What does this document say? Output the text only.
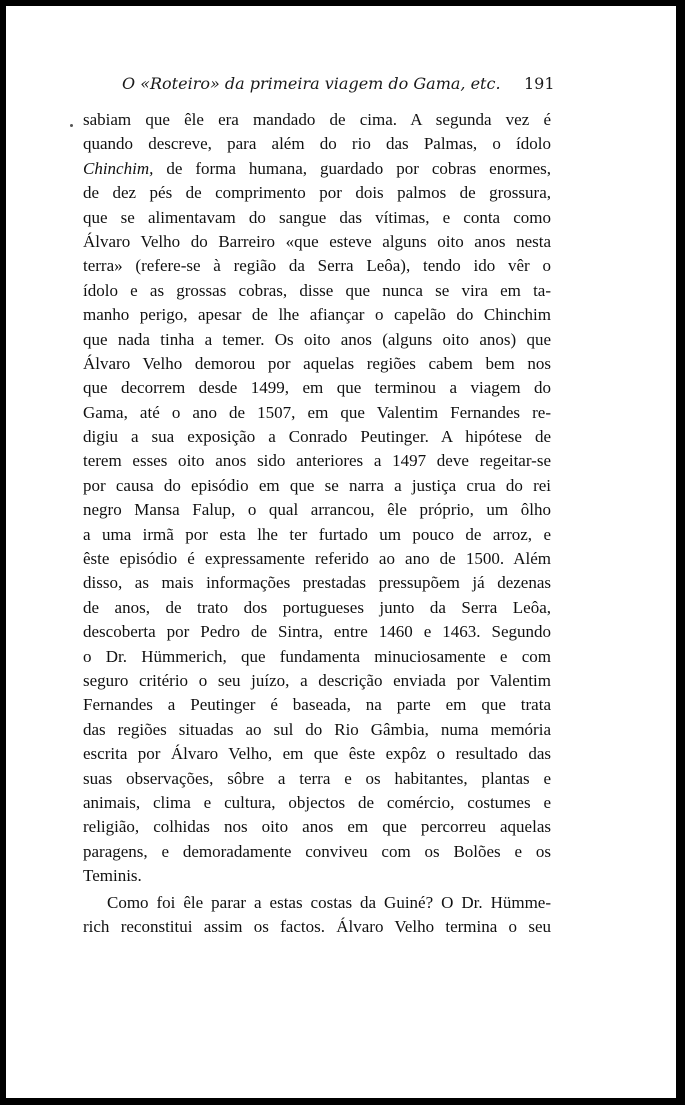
O «Roteiro» da primeira viagem do Gama, etc. 191
sabiam que êle era mandado de cima. A segunda vez é
quando descreve, para além do rio das Palmas, o ídolo
Chinchim, de forma humana, guardado por cobras enormes,
de dez pés de comprimento por dois palmos de grossura,
que se alimentavam do sangue das vítimas, e conta como
Álvaro Velho do Barreiro «que esteve alguns oito anos nesta
terra» (refere-se à região da Serra Leôa), tendo ido vêr o
ídolo e as grossas cobras, disse que nunca se vira em ta-
manho perigo, apesar de lhe afiançar o capelão do Chinchim
que nada tinha a temer. Os oito anos (alguns oito anos) que
Álvaro Velho demorou por aquelas regiões cabem bem nos
que decorrem desde 1499, em que terminou a viagem do
Gama, até o ano de 1507, em que Valentim Fernandes re-
digiu a sua exposição a Conrado Peutinger. A hipótese de
terem esses oito anos sido anteriores a 1497 deve regeitar-se
por causa do episódio em que se narra a justiça crua do rei
negro Mansa Falup, o qual arrancou, êle próprio, um ôlho
a uma irmã por esta lhe ter furtado um pouco de arroz, e
êste episódio é expressamente referido ao ano de 1500. Além
disso, as mais informações prestadas pressupõem já dezenas
de anos, de trato dos portugueses junto da Serra Leôa,
descoberta por Pedro de Sintra, entre 1460 e 1463. Segundo
o Dr. Hümmerich, que fundamenta minuciosamente e com
seguro critério o seu juízo, a descrição enviada por Valentim
Fernandes a Peutinger é baseada, na parte em que trata
das regiões situadas ao sul do Rio Gâmbia, numa memória
escrita por Álvaro Velho, em que êste expôz o resultado das
suas observações, sôbre a terra e os habitantes, plantas e
animais, clima e cultura, objectos de comércio, costumes e
religião, colhidas nos oito anos em que percorreu aquelas
paragens, e demoradamente conviveu com os Bolões e os
Teminis.
Como foi êle parar a estas costas da Guiné? O Dr. Hümme-
rich reconstitui assim os factos. Álvaro Velho termina o seu
